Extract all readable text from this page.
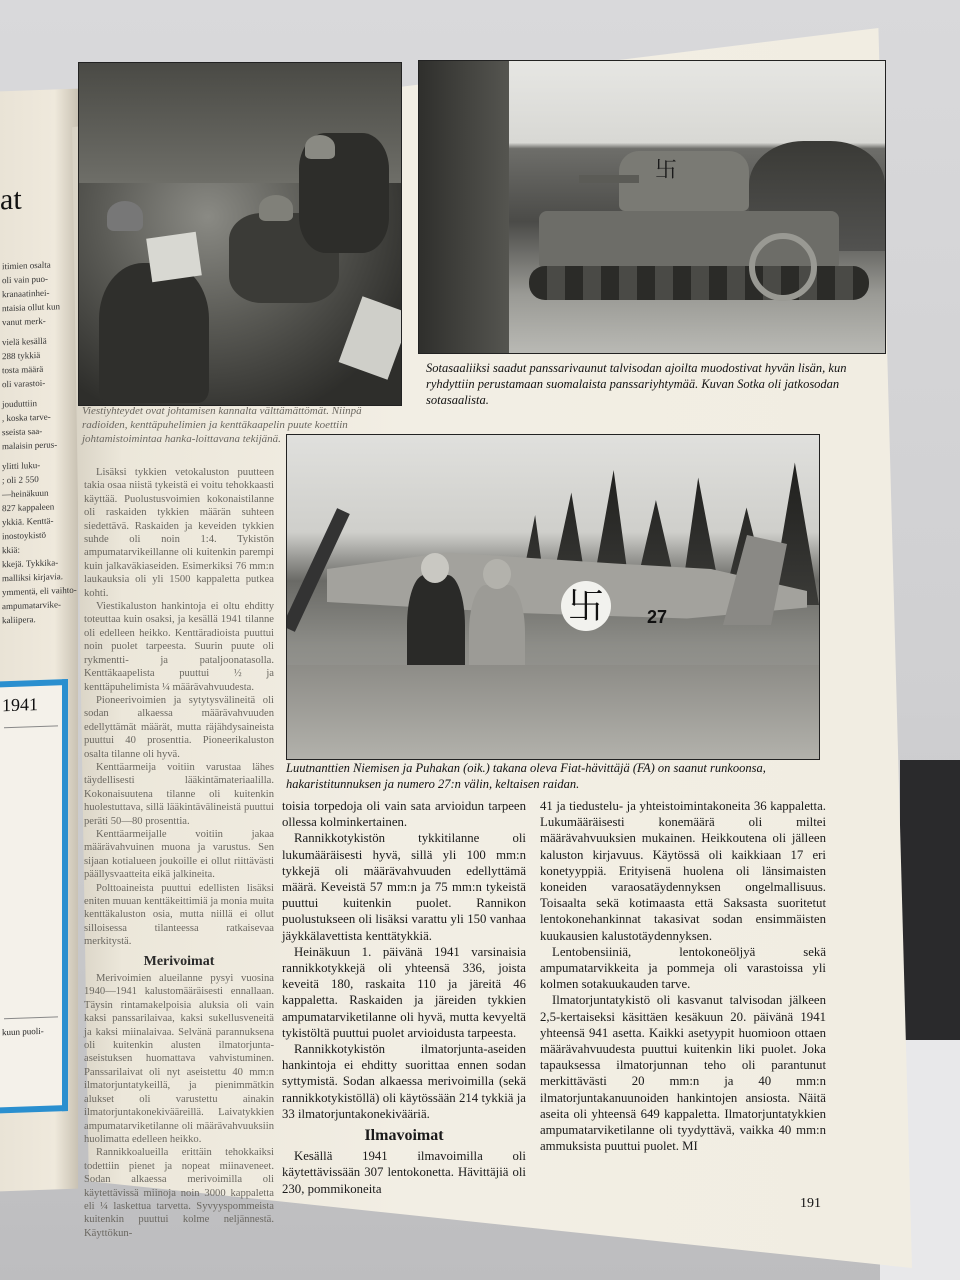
at
itimien osalta
oli vain puo-
kranaatinhei-
ntaisia ollut kun
vanut merk-
vielä kesällä
288 tykkiä
tosta määrä
oli varastoi-
jouduttiin
, koska tarve-
sseista saa-
malaisin perus-
ylitti luku-
; oli 2 550
—heinäkuun
827 kappaleen
ykkiä. Kenttä-
inostoykistö
kkiä:
kkejä. Tykkika-
malliksi kirjavia.
ymmentä, eli vaihto-
ampumatarvike-
kaliipera.
1941
kuun puoli-
卐
卐	27
Viestiyhteydet ovat johtamisen kannalta välttämättömät. Niinpä radioiden, kenttäpuhelimien ja kenttäkaapelin puute koettiin johtamistoimintaa hanka-loittavana tekijänä.
Sotasaaliiksi saadut panssarivaunut talvisodan ajoilta muodostivat hyvän lisän, kun ryhdyttiin perustamaan suomalaista panssariyhtymää. Kuvan Sotka oli jatkosodan sotasaalista.
Luutnanttien Niemisen ja Puhakan (oik.) takana oleva Fiat-hävittäjä (FA) on saanut runkoonsa, hakaristitunnuksen ja numero 27:n välin, keltaisen raidan.

Lisäksi tykkien vetokaluston puutteen takia osaa niistä tykeistä ei voitu tehokkaasti käyttää. Puolustusvoimien kokonaistilanne oli raskaiden tykkien määrän suhteen siedettävä. Raskaiden ja keveiden tykkien suhde oli noin 1:4. Tykistön ampumatarvikeillanne oli kuitenkin parempi kuin jalkaväkiaseiden. Esimerkiksi 76 mm:n laukauksia oli yli 1500 kappaletta putkea kohti.

Viestikaluston hankintoja ei oltu ehditty toteuttaa kuin osaksi, ja kesällä 1941 tilanne oli edelleen heikko. Kenttäradioista puuttui noin puolet tarpeesta. Suurin puute oli rykmentti- ja pataljoonatasolla. Kenttäkaapelista puuttui ½ ja kenttäpuhelimista ¼ määrävahvuudesta.

Pioneerivoimien ja sytytysvälineitä oli sodan alkaessa määrävahvuuden edellyttämät määrät, mutta räjähdysaineista puuttui 40 prosenttia. Pioneerikaluston osalta tilanne oli hyvä.

Kenttäarmeija voitiin varustaa lähes täydellisesti lääkintämateriaalilla. Kokonaisuutena tilanne oli kuitenkin huolestuttava, sillä lääkintävälineistä puuttui peräti 50—80 prosenttia.

Kenttäarmeijalle voitiin jakaa määrävahvuinen muona ja varustus. Sen sijaan kotialueen joukoille ei ollut riittävästi päällysvaatteita eikä jalkineita.

Polttoaineista puuttui edellisten lisäksi eniten muuan kenttäkeittimiä ja monia muita kenttäkaluston osia, mutta niillä ei ollut silloisessa tilanteessa ratkaisevaa merkitystä.

Merivoimat

Merivoimien alueilanne pysyi vuosina 1940—1941 kalustomääräisesti ennallaan. Täysin rintamakelpoisia aluksia oli vain kaksi panssarilaivaa, kaksi sukellusveneitä ja kaksi miinalaivaa. Selvänä parannuksena oli kuitenkin alusten ilmatorjunta-aseistuksen huomattava vahvistuminen. Panssarilaivat oli nyt aseistettu 40 mm:n ilmatorjuntatykeillä, ja pienimmätkin alukset oli varustettu ainakin ilmatorjuntakonekivääreillä. Laivatykkien ampumatarviketilanne oli määrävahvuuksiin huolimatta edelleen heikko.

Rannikkoalueilla erittäin tehokkaiksi todettiin pienet ja nopeat miinaveneet. Sodan alkaessa merivoimilla oli käytettävissä miinoja noin 3000 kappaletta eli ¼ laskettua tarvetta. Syvyyspommeista kuitenkin puuttui kolme neljännestä. Käyttökun-

toisia torpedoja oli vain sata arvioidun tarpeen ollessa kolminkertainen.

Rannikkotykistön tykkitilanne oli lukumääräisesti hyvä, sillä yli 100 mm:n tykkejä oli määrävahvuuden edellyttämä määrä. Keveistä 57 mm:n ja 75 mm:n tykeistä puuttui kuitenkin puolet. Rannikon puolustukseen oli lisäksi varattu yli 150 vanhaa jäykkälavettista kenttätykkiä.

Heinäkuun 1. päivänä 1941 varsinaisia rannikkotykkejä oli yhteensä 336, joista keveitä 180, raskaita 110 ja järeitä 46 kappaletta. Raskaiden ja järeiden tykkien ampumatarviketilanne oli hyvä, mutta kevyeltä tykistöltä puuttui puolet arvioidusta tarpeesta.

Rannikkotykistön ilmatorjunta-aseiden hankintoja ei ehditty suorittaa ennen sodan syttymistä. Sodan alkaessa merivoimilla (sekä rannikkotykistöllä) oli käytössään 214 tykkiä ja 33 ilmatorjuntakonekivääriä.

Ilmavoimat

Kesällä 1941 ilmavoimilla oli käytettävissään 307 lentokonetta. Hävittäjiä oli 230, pommikoneita

41 ja tiedustelu- ja yhteistoimintakoneita 36 kappaletta. Lukumääräisesti konemäärä oli miltei määrävahvuuksien mukainen. Heikkoutena oli jälleen kaluston kirjavuus. Käytössä oli kaikkiaan 17 eri konetyyppiä. Erityisenä huolena oli länsimaisten koneiden varaosatäydennyksen ongelmallisuus. Toisaalta sekä kotimaasta että Saksasta suoritetut lentokonehankinnat takasivat sodan ensimmäisten kuukausien kalustotäydennyksen.

Lentobensiiniä, lentokoneöljyä sekä ampumatarvikkeita ja pommeja oli varastoissa yli kolmen sotakuukauden tarve.

Ilmatorjuntatykistö oli kasvanut talvisodan jälkeen 2,5-kertaiseksi käsittäen kesäkuun 20. päivänä 1941 yhteensä 941 asetta. Kaikki asetyypit huomioon ottaen määrävahvuudesta puuttui kuitenkin liki puolet. Joka tapauksessa ilmatorjunnan teho oli parantunut merkittävästi 20 mm:n ja 40 mm:n ilmatorjuntakanuunoiden hankintojen ansiosta. Näitä aseita oli yhteensä 649 kappaletta. Ilmatorjuntatykkien ampumatarviketilanne oli tyydyttävä, vaikka 40 mm:n ammuksista puuttui puolet. MI

191
